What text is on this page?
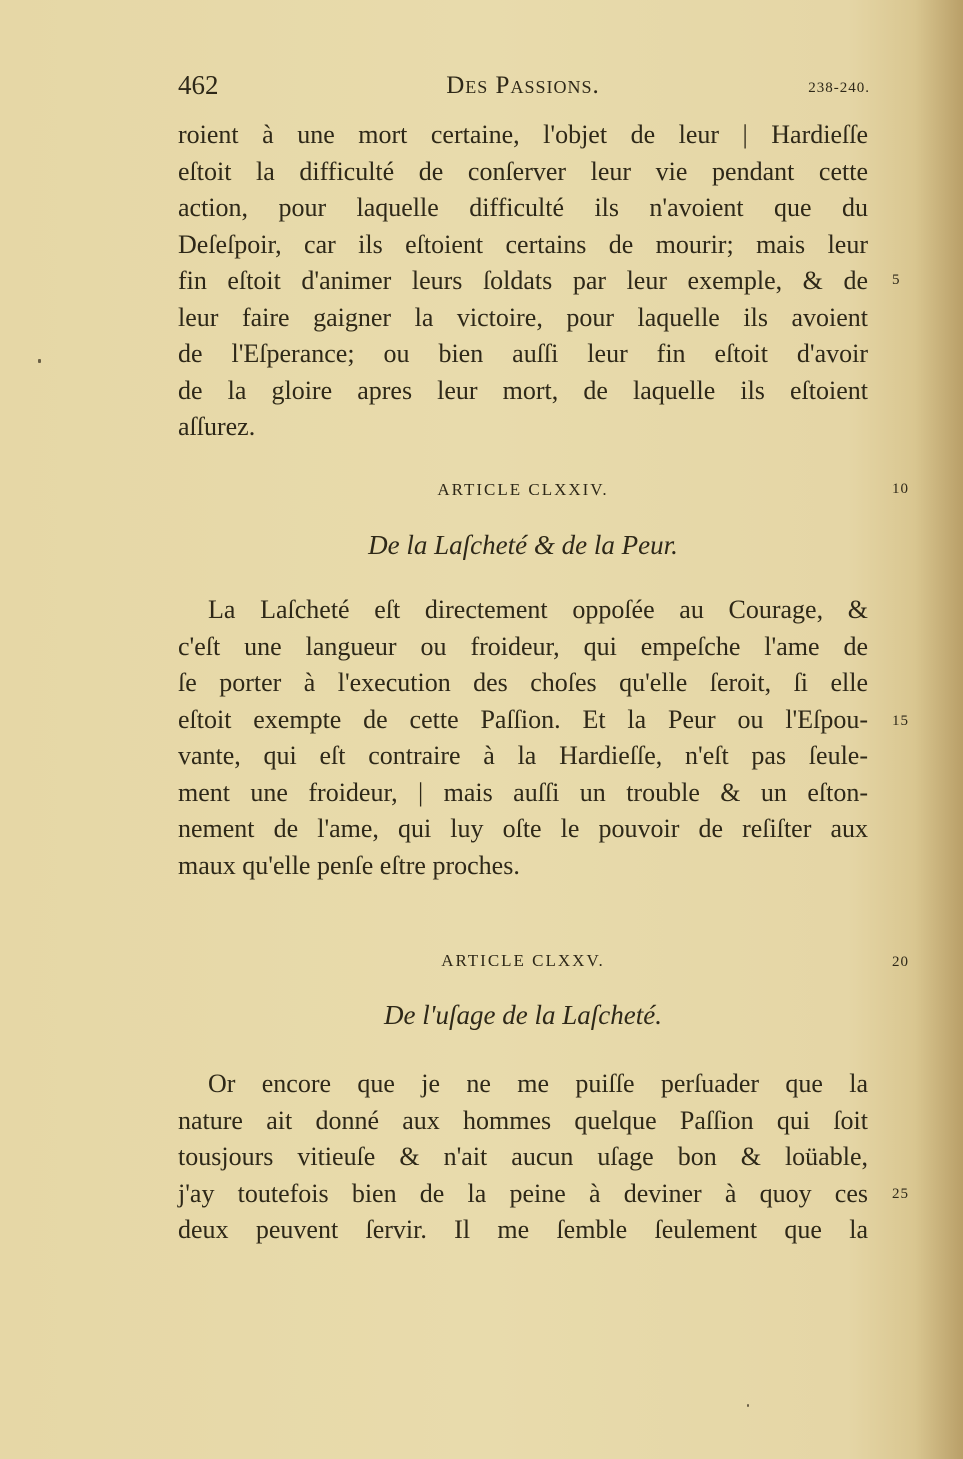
462	Des Passions.	238-240.
roient à une mort certaine, l'objet de leur | Hardieſſe
eſtoit la difficulté de conſerver leur vie pendant cette
action, pour laquelle difficulté ils n'avoient que du
Deſeſpoir, car ils eſtoient certains de mourir; mais leur
fin eſtoit d'animer leurs ſoldats par leur exemple, & de
leur faire gaigner la victoire, pour laquelle ils avoient
de l'Eſperance; ou bien auſſi leur fin eſtoit d'avoir
de la gloire apres leur mort, de laquelle ils eſtoient
aſſurez.
ARTICLE CLXXIV.
De la Laſcheté & de la Peur.
La Laſcheté eſt directement oppoſée au Courage, &
c'eſt une langueur ou froideur, qui empeſche l'ame de
ſe porter à l'execution des choſes qu'elle ſeroit, ſi elle
eſtoit exempte de cette Paſſion. Et la Peur ou l'Eſpou-
vante, qui eſt contraire à la Hardieſſe, n'eſt pas ſeule-
ment une froideur, | mais auſſi un trouble & un eſton-
nement de l'ame, qui luy oſte le pouvoir de reſiſter aux
maux qu'elle penſe eſtre proches.
ARTICLE CLXXV.
De l'uſage de la Laſcheté.
Or encore que je ne me puiſſe perſuader que la
nature ait donné aux hommes quelque Paſſion qui ſoit
tousjours vitieuſe & n'ait aucun uſage bon & loüable,
j'ay toutefois bien de la peine à deviner à quoy ces
deux peuvent ſervir. Il me ſemble ſeulement que la
5
10
15
20
25
